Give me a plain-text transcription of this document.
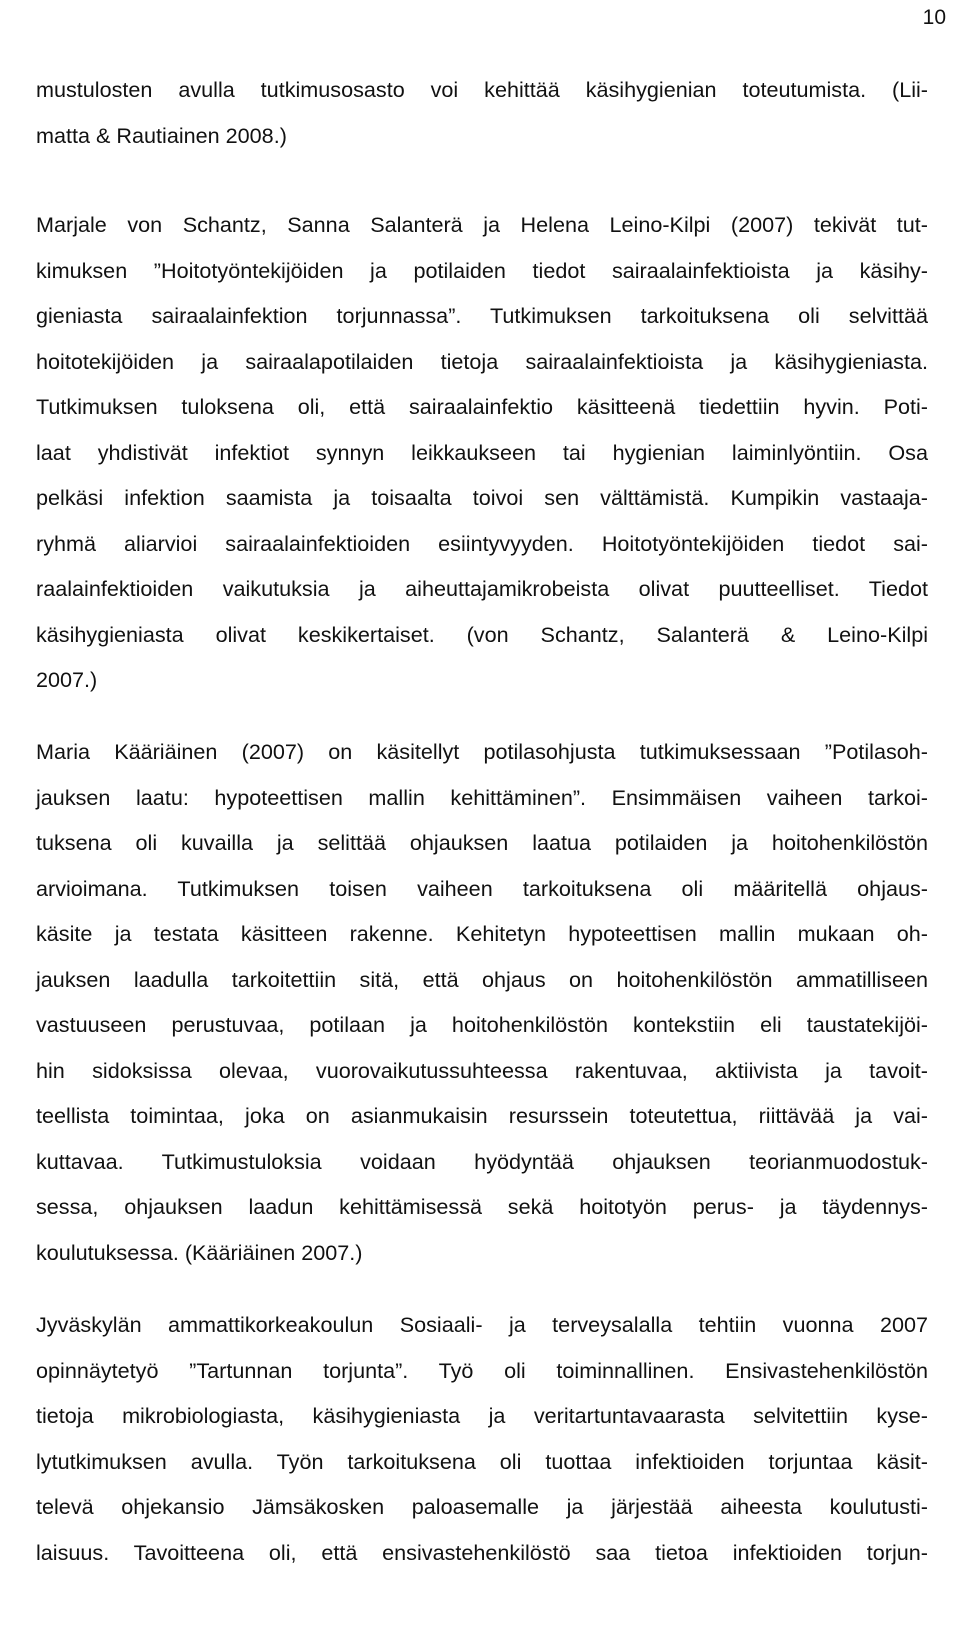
10
mustulosten avulla tutkimusosasto voi kehittää käsihygienian toteutumista. (Lii-
matta & Rautiainen 2008.)
Marjale von Schantz, Sanna Salanterä ja Helena Leino-Kilpi (2007) tekivät tut-
kimuksen ”Hoitotyöntekijöiden ja potilaiden tiedot sairaalainfektioista ja käsihy-
gieniasta sairaalainfektion torjunnassa”. Tutkimuksen tarkoituksena oli selvittää
hoitotekijöiden ja sairaalapotilaiden tietoja sairaalainfektioista ja käsihygieniasta.
Tutkimuksen tuloksena oli, että sairaalainfektio käsitteenä tiedettiin hyvin. Poti-
laat yhdistivät infektiot synnyn leikkaukseen tai hygienian laiminlyöntiin. Osa
pelkäsi infektion saamista ja toisaalta toivoi sen välttämistä. Kumpikin vastaaja-
ryhmä aliarvioi sairaalainfektioiden esiintyvyyden. Hoitotyöntekijöiden tiedot sai-
raalainfektioiden vaikutuksia ja aiheuttajamikrobeista olivat puutteelliset. Tiedot
käsihygieniasta olivat keskikertaiset. (von Schantz, Salanterä & Leino-Kilpi
2007.)
Maria Kääriäinen (2007) on käsitellyt potilasohjusta tutkimuksessaan ”Potilasoh-
jauksen laatu: hypoteettisen mallin kehittäminen”. Ensimmäisen vaiheen tarkoi-
tuksena oli kuvailla ja selittää ohjauksen laatua potilaiden ja hoitohenkilöstön
arvioimana. Tutkimuksen toisen vaiheen tarkoituksena oli määritellä ohjaus-
käsite ja testata käsitteen rakenne. Kehitetyn hypoteettisen mallin mukaan oh-
jauksen laadulla tarkoitettiin sitä, että ohjaus on hoitohenkilöstön ammatilliseen
vastuuseen perustuvaa, potilaan ja hoitohenkilöstön kontekstiin eli taustatekijöi-
hin sidoksissa olevaa, vuorovaikutussuhteessa rakentuvaa, aktiivista ja tavoit-
teellista toimintaa, joka on asianmukaisin resurssein toteutettua, riittävää ja vai-
kuttavaa. Tutkimustuloksia voidaan hyödyntää ohjauksen teorianmuodostuk-
sessa, ohjauksen laadun kehittämisessä sekä hoitotyön perus- ja täydennys-
koulutuksessa. (Kääriäinen 2007.)
Jyväskylän ammattikorkeakoulun Sosiaali- ja terveysalalla tehtiin vuonna 2007
opinnäytetyö ”Tartunnan torjunta”. Työ oli toiminnallinen. Ensivastehenkilöstön
tietoja mikrobiologiasta, käsihygieniasta ja veritartuntavaarasta selvitettiin kyse-
lytutkimuksen avulla. Työn tarkoituksena oli tuottaa infektioiden torjuntaa käsit-
televä ohjekansio Jämsäkosken paloasemalle ja järjestää aiheesta koulutusti-
laisuus. Tavoitteena oli, että ensivastehenkilöstö saa tietoa infektioiden torjun-
